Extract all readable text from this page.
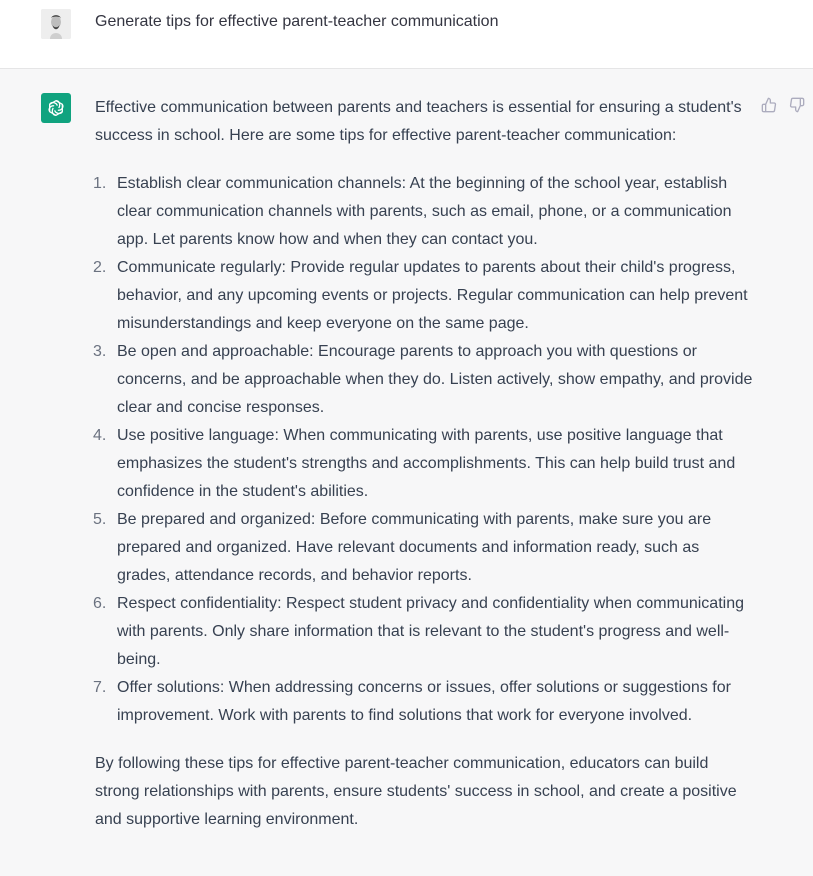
Generate tips for effective parent-teacher communication

Effective communication between parents and teachers is essential for ensuring a student's success in school. Here are some tips for effective parent-teacher communication:

1. Establish clear communication channels: At the beginning of the school year, establish clear communication channels with parents, such as email, phone, or a communication app. Let parents know how and when they can contact you.
2. Communicate regularly: Provide regular updates to parents about their child's progress, behavior, and any upcoming events or projects. Regular communication can help prevent misunderstandings and keep everyone on the same page.
3. Be open and approachable: Encourage parents to approach you with questions or concerns, and be approachable when they do. Listen actively, show empathy, and provide clear and concise responses.
4. Use positive language: When communicating with parents, use positive language that emphasizes the student's strengths and accomplishments. This can help build trust and confidence in the student's abilities.
5. Be prepared and organized: Before communicating with parents, make sure you are prepared and organized. Have relevant documents and information ready, such as grades, attendance records, and behavior reports.
6. Respect confidentiality: Respect student privacy and confidentiality when communicating with parents. Only share information that is relevant to the student's progress and well-being.
7. Offer solutions: When addressing concerns or issues, offer solutions or suggestions for improvement. Work with parents to find solutions that work for everyone involved.

By following these tips for effective parent-teacher communication, educators can build strong relationships with parents, ensure students' success in school, and create a positive and supportive learning environment.
